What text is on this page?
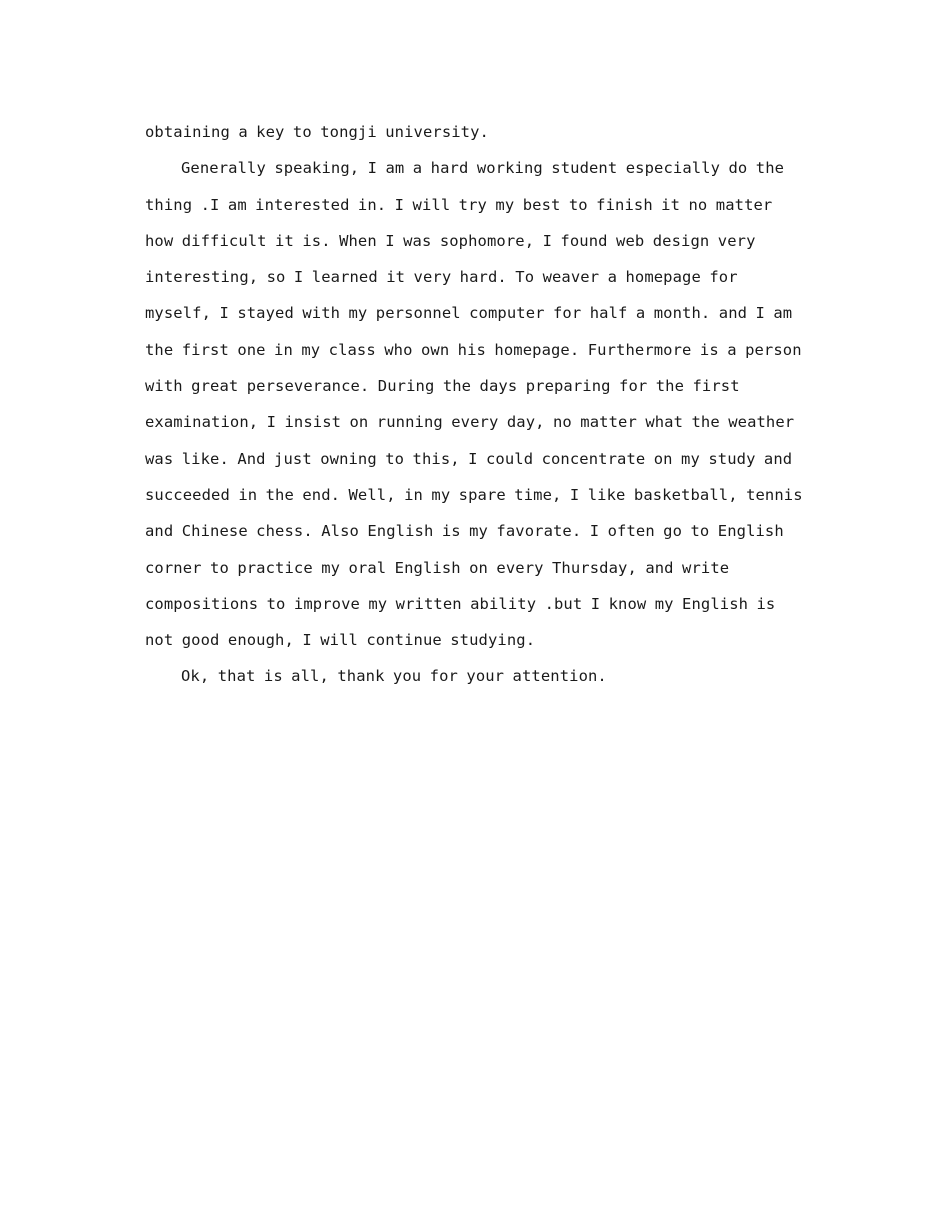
obtaining a key to tongji university.
Generally speaking, I am a hard working student especially do the
thing .I am interested in. I will try my best to finish it no matter
how difficult it is. When I was sophomore, I found web design very
interesting, so I learned it very hard. To weaver a homepage for
myself, I stayed with my personnel computer for half a month. and I am
the first one in my class who own his homepage. Furthermore is a person
with great perseverance. During the days preparing for the first
examination, I insist on running every day, no matter what the weather
was like. And just owning to this, I could concentrate on my study and
succeeded in the end. Well, in my spare time, I like basketball, tennis
and Chinese chess. Also English is my favorate. I often go to English
corner to practice my oral English on every Thursday, and write
compositions to improve my written ability .but I know my English is
not good enough, I will continue studying.
Ok, that is all, thank you for your attention.
